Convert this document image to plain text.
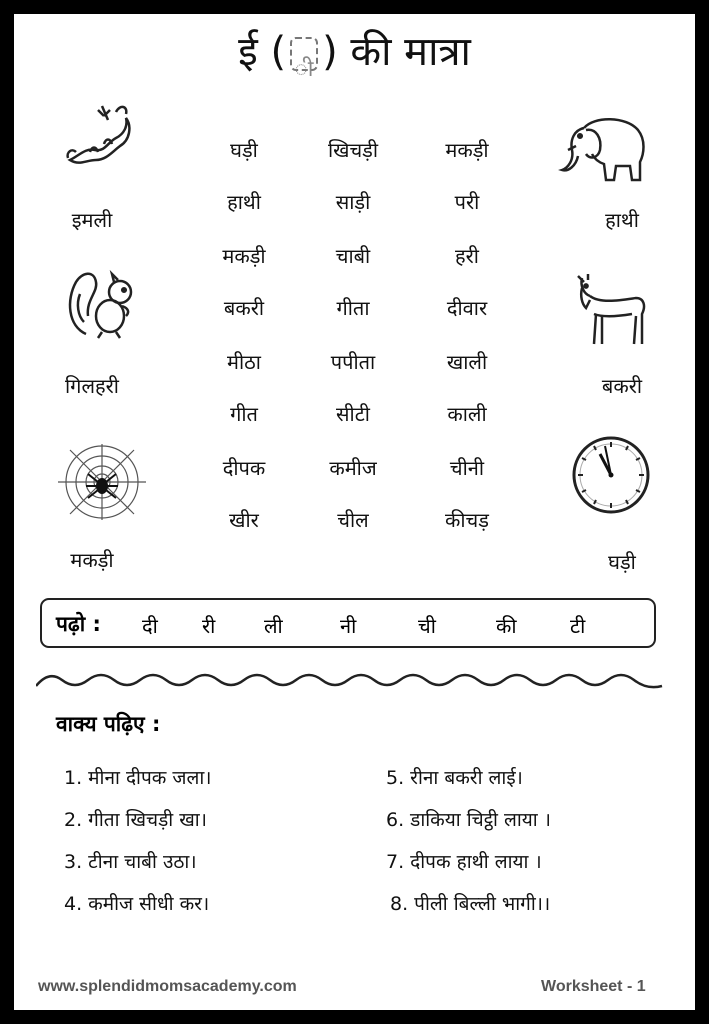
ई ( ी ) की मात्रा
घड़ी	खिचड़ी	मकड़ी
हाथी	साड़ी	परी
मकड़ी	चाबी	हरी
बकरी	गीता	दीवार
मीठा	पपीता	खाली
गीत	सीटी	काली
दीपक	कमीज	चीनी
खीर	चील	कीचड़
इमली
गिलहरी
मकड़ी
हाथी
बकरी
घड़ी
पढ़ो : दी री ली	नी	ची	की	टी
वाक्य पढ़िए :
1. मीना दीपक जला।
2. गीता खिचड़ी खा।
3. टीना चाबी उठा।
4. कमीज सीधी कर।
5. रीना बकरी लाई।
6. डाकिया चिट्ठी लाया ।
7. दीपक हाथी लाया ।
8. पीली बिल्ली भागी।।
www.splendidmomsacademy.com	Worksheet - 1
